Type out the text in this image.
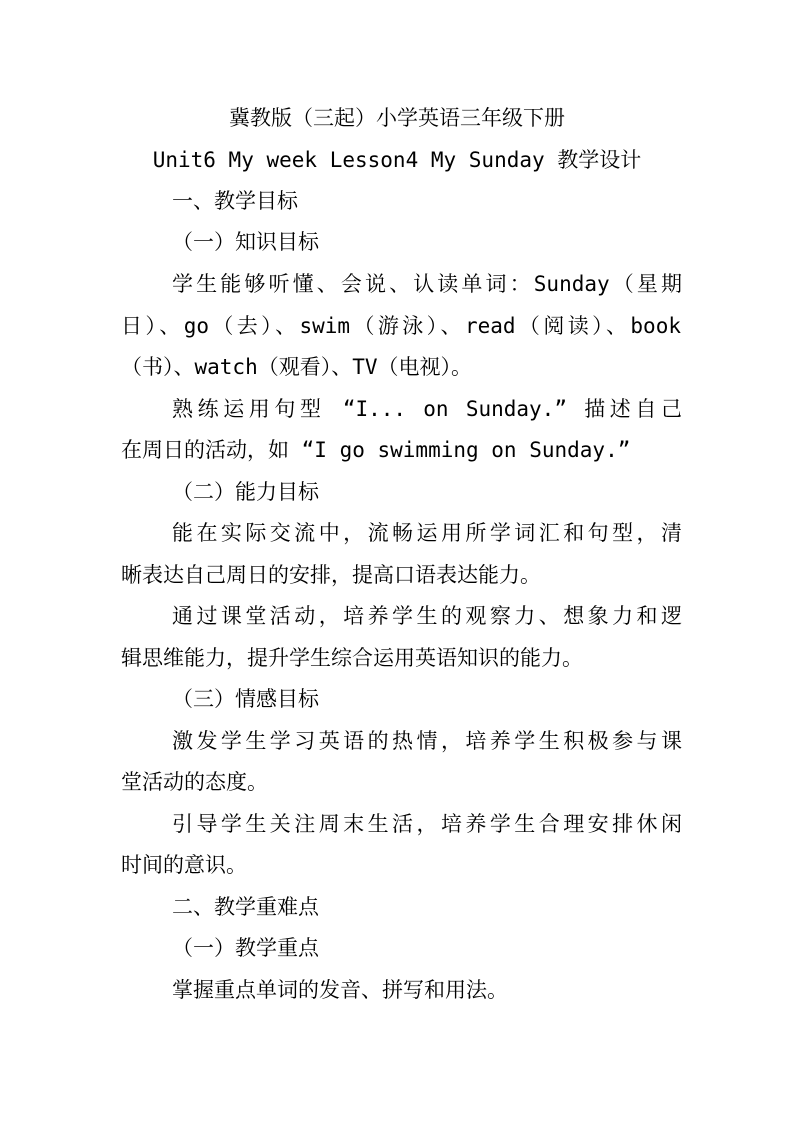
冀教版（三起）小学英语三年级下册
Unit6 My week Lesson4 My Sunday 教学设计
一、教学目标
（一）知识目标
学生能够听懂、会说、认读单词：Sunday（星期
日）、go（去）、swim（游泳）、read（阅读）、book
（书）、watch（观看）、TV（电视）。
熟练运用句型 “I... on Sunday.” 描述自己
在周日的活动，如 “I go swimming on Sunday.”
（二）能力目标
能在实际交流中，流畅运用所学词汇和句型，清
晰表达自己周日的安排，提高口语表达能力。
通过课堂活动，培养学生的观察力、想象力和逻
辑思维能力，提升学生综合运用英语知识的能力。
（三）情感目标
激发学生学习英语的热情，培养学生积极参与课
堂活动的态度。
引导学生关注周末生活，培养学生合理安排休闲
时间的意识。
二、教学重难点
（一）教学重点
掌握重点单词的发音、拼写和用法。
